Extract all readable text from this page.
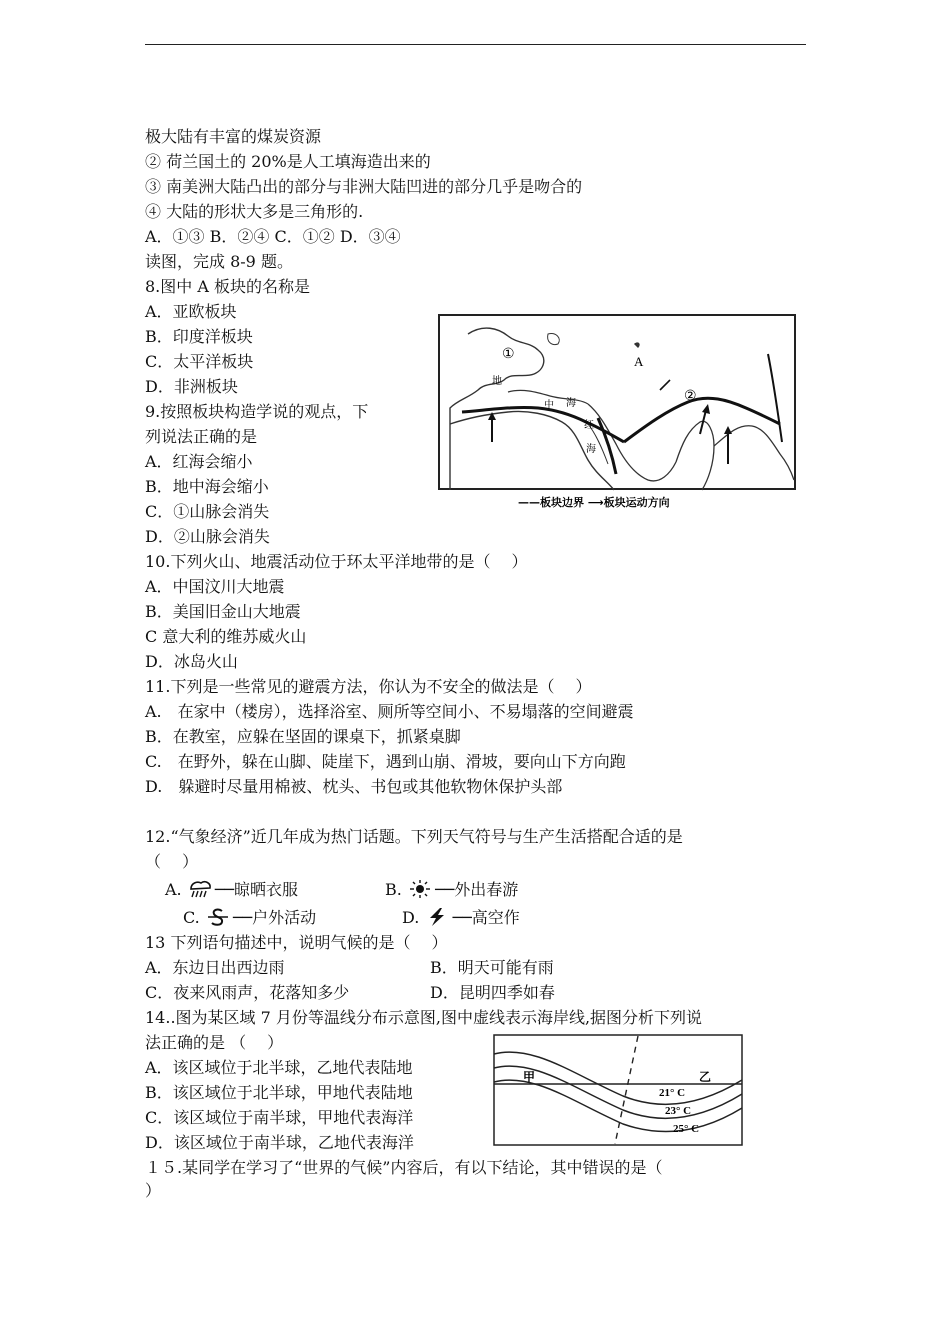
极大陆有丰富的煤炭资源
② 荷兰国土的 20%是人工填海造出来的
③ 南美洲大陆凸出的部分与非洲大陆凹进的部分几乎是吻合的
④ 大陆的形状大多是三角形的.
A．①③ B．②④ C．①② D．③④
读图，完成 8-9 题。
8.图中 A 板块的名称是
A．亚欧板块
B．印度洋板块
C．太平洋板块
D．非洲板块
9.按照板块构造学说的观点，下
列说法正确的是
A．红海会缩小
B．地中海会缩小
C．①山脉会消失
D．②山脉会消失
A
①
②
地
中 海
红
海
——板块边界 ⟶板块运动方向
10.下列火山、地震活动位于环太平洋地带的是（　 ）
A．中国汶川大地震
B．美国旧金山大地震
C 意大利的维苏威火山
D．冰岛火山
11.下列是一些常见的避震方法，你认为不安全的做法是（　 ）
A.　在家中（楼房），选择浴室、厕所等空间小、不易塌落的空间避震
B．在教室，应躲在坚固的课桌下，抓紧桌脚
C.　在野外，躲在山脚、陡崖下，遇到山崩、滑坡，要向山下方向跑
D.　躲避时尽量用棉被、枕头、书包或其他软物休保护头部
12.“气象经济”近几年成为热门话题。下列天气符号与生产生活搭配合适的是
（　 ）
A. ──晾晒衣服	B. ──外出春游
C. ──户外活动	D. ──高空作
13 下列语句描述中，说明气候的是（　 ）
A．东边日出西边雨	B．明天可能有雨
C．夜来风雨声，花落知多少	D．昆明四季如春
14..图为某区域 7 月份等温线分布示意图,图中虚线表示海岸线,据图分析下列说
法正确的是 （　 ）
A．该区域位于北半球，乙地代表陆地
B．该区域位于北半球，甲地代表陆地
C．该区域位于南半球，甲地代表海洋
D．该区域位于南半球，乙地代表海洋
甲	乙
21° C
23° C
25° C
１５.某同学在学习了“世界的气候”内容后，有以下结论，其中错误的是（
）
